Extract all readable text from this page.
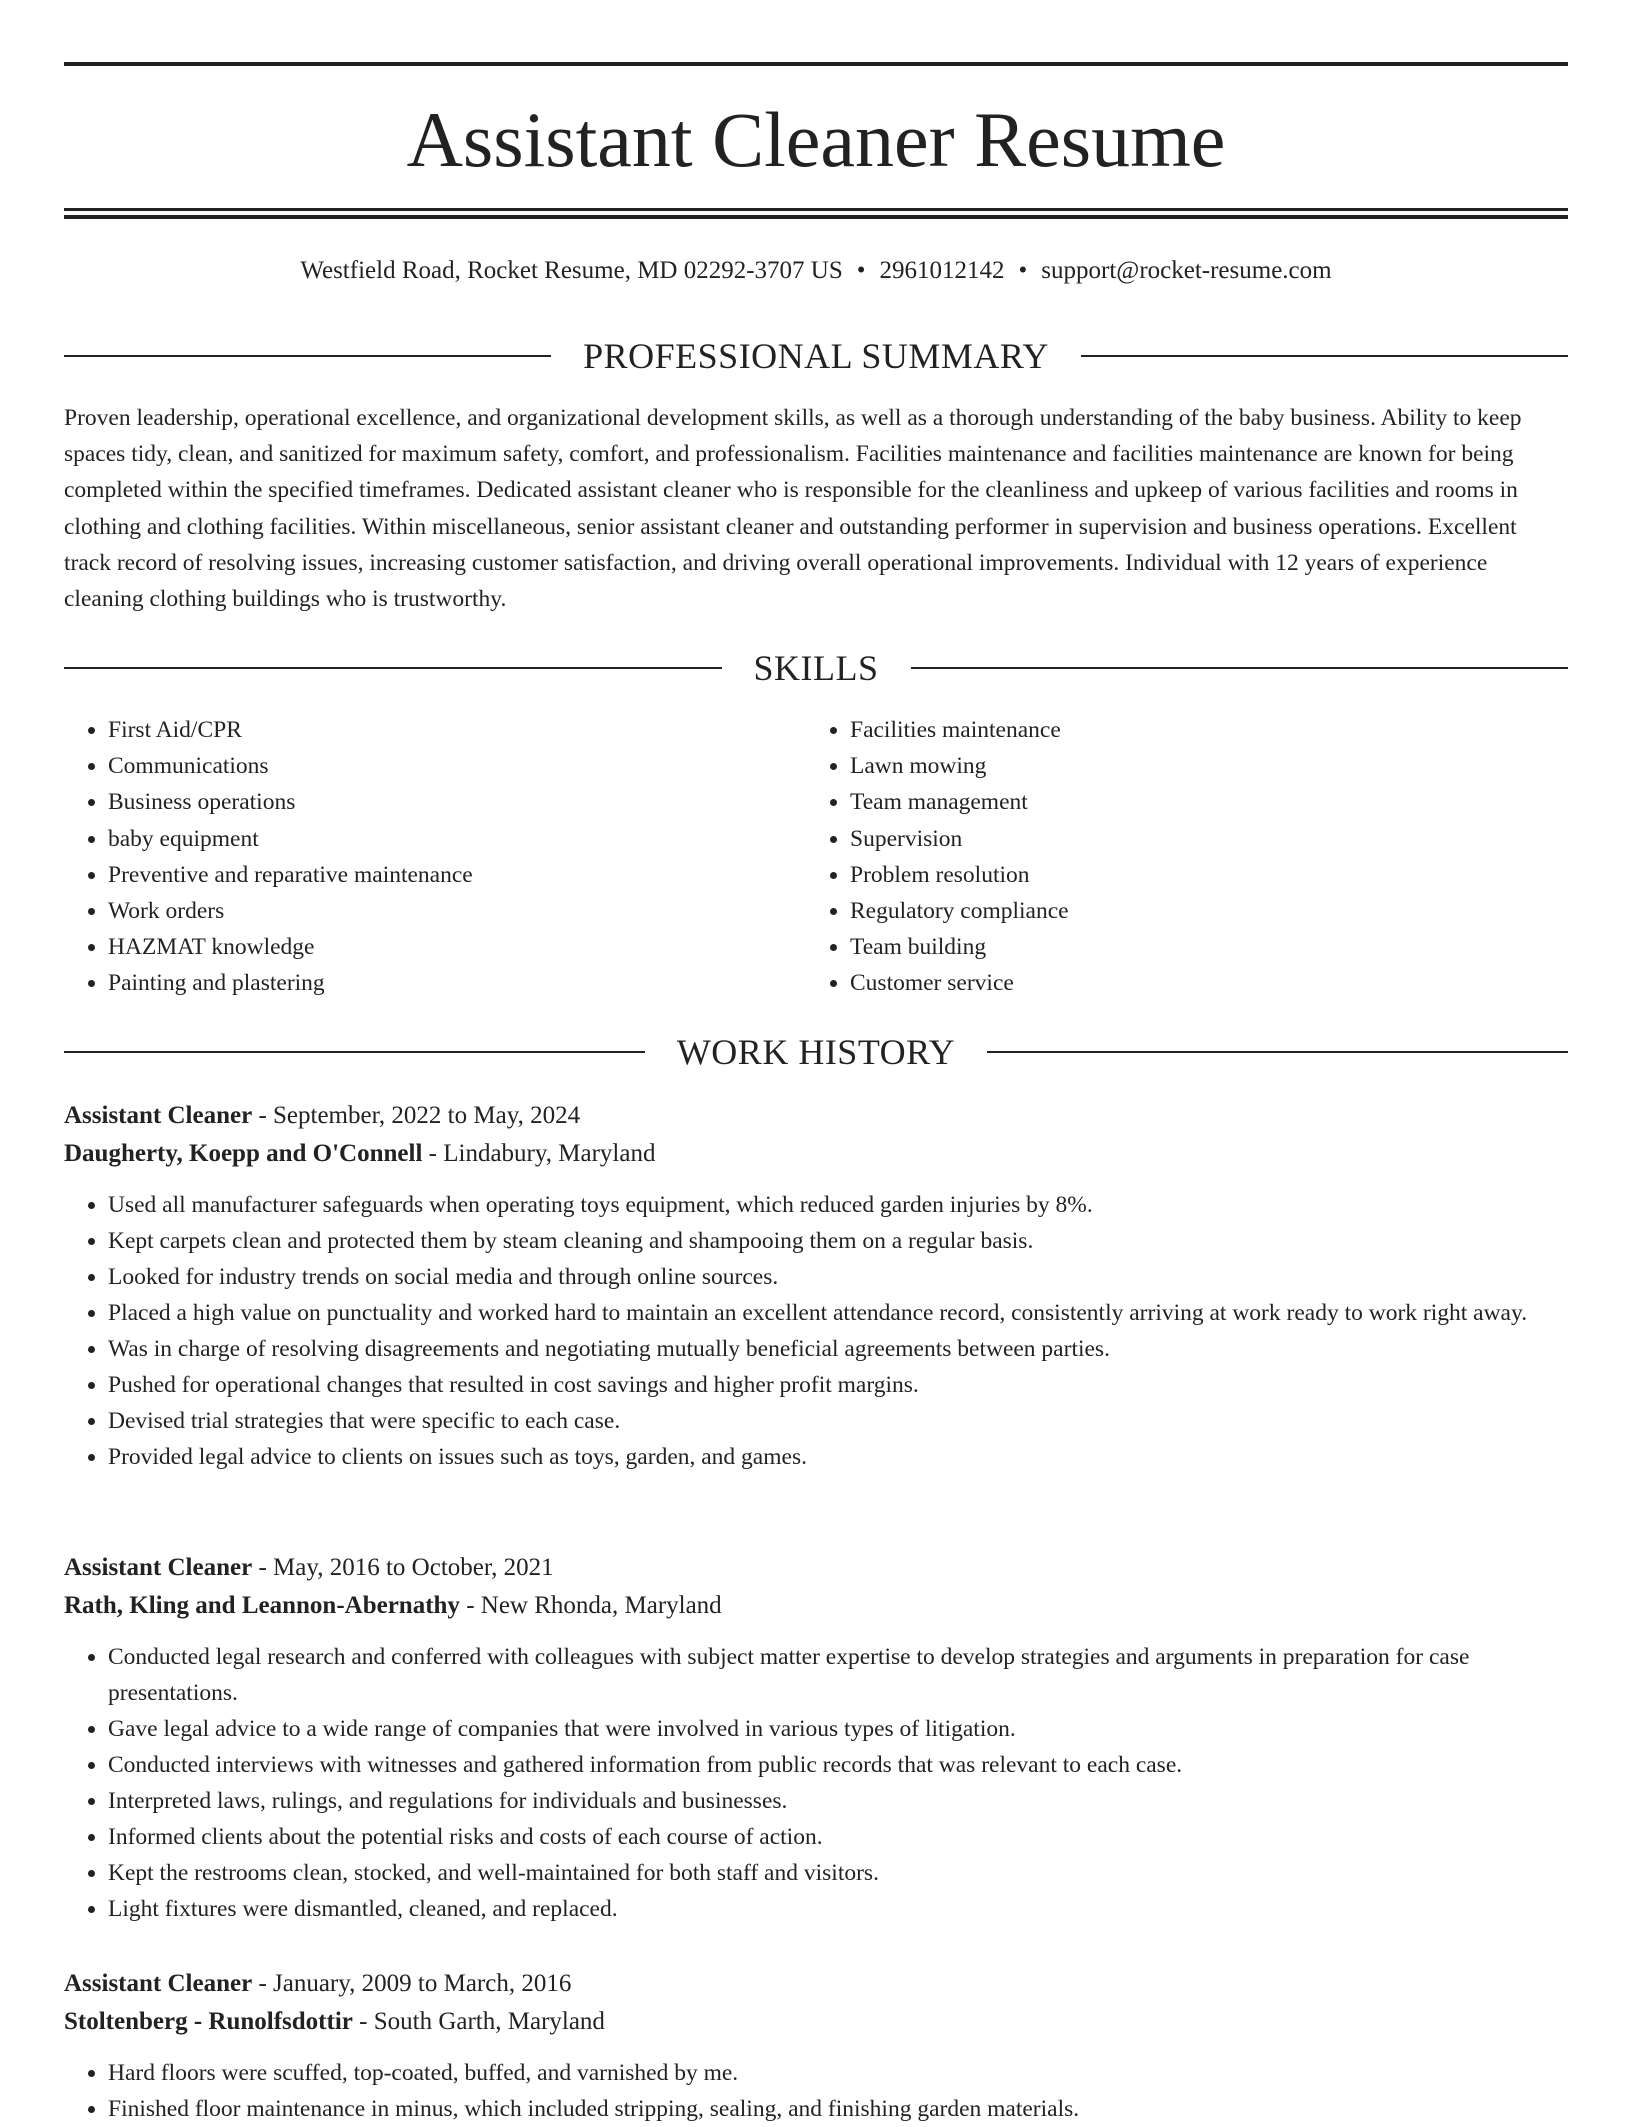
Assistant Cleaner Resume
Westfield Road, Rocket Resume, MD 02292-3707 US • 2961012142 • support@rocket-resume.com
PROFESSIONAL SUMMARY

Proven leadership, operational excellence, and organizational development skills, as well as a thorough understanding of the baby business. Ability to keep spaces tidy, clean, and sanitized for maximum safety, comfort, and professionalism. Facilities maintenance and facilities maintenance are known for being completed within the specified timeframes. Dedicated assistant cleaner who is responsible for the cleanliness and upkeep of various facilities and rooms in clothing and clothing facilities. Within miscellaneous, senior assistant cleaner and outstanding performer in supervision and business operations. Excellent track record of resolving issues, increasing customer satisfaction, and driving overall operational improvements. Individual with 12 years of experience cleaning clothing buildings who is trustworthy.

SKILLS
• First Aid/CPR
• Communications
• Business operations
• baby equipment
• Preventive and reparative maintenance
• Work orders
• HAZMAT knowledge
• Painting and plastering
• Facilities maintenance
• Lawn mowing
• Team management
• Supervision
• Problem resolution
• Regulatory compliance
• Team building
• Customer service
WORK HISTORY
Assistant Cleaner - September, 2022 to May, 2024
Daugherty, Koepp and O'Connell - Lindabury, Maryland
• Used all manufacturer safeguards when operating toys equipment, which reduced garden injuries by 8%.
• Kept carpets clean and protected them by steam cleaning and shampooing them on a regular basis.
• Looked for industry trends on social media and through online sources.
• Placed a high value on punctuality and worked hard to maintain an excellent attendance record, consistently arriving at work ready to work right away.
• Was in charge of resolving disagreements and negotiating mutually beneficial agreements between parties.
• Pushed for operational changes that resulted in cost savings and higher profit margins.
• Devised trial strategies that were specific to each case.
• Provided legal advice to clients on issues such as toys, garden, and games.
Assistant Cleaner - May, 2016 to October, 2021
Rath, Kling and Leannon-Abernathy - New Rhonda, Maryland
• Conducted legal research and conferred with colleagues with subject matter expertise to develop strategies and arguments in preparation for case presentations.
• Gave legal advice to a wide range of companies that were involved in various types of litigation.
• Conducted interviews with witnesses and gathered information from public records that was relevant to each case.
• Interpreted laws, rulings, and regulations for individuals and businesses.
• Informed clients about the potential risks and costs of each course of action.
• Kept the restrooms clean, stocked, and well-maintained for both staff and visitors.
• Light fixtures were dismantled, cleaned, and replaced.
Assistant Cleaner - January, 2009 to March, 2016
Stoltenberg - Runolfsdottir - South Garth, Maryland
• Hard floors were scuffed, top-coated, buffed, and varnished by me.
• Finished floor maintenance in minus, which included stripping, sealing, and finishing garden materials.
